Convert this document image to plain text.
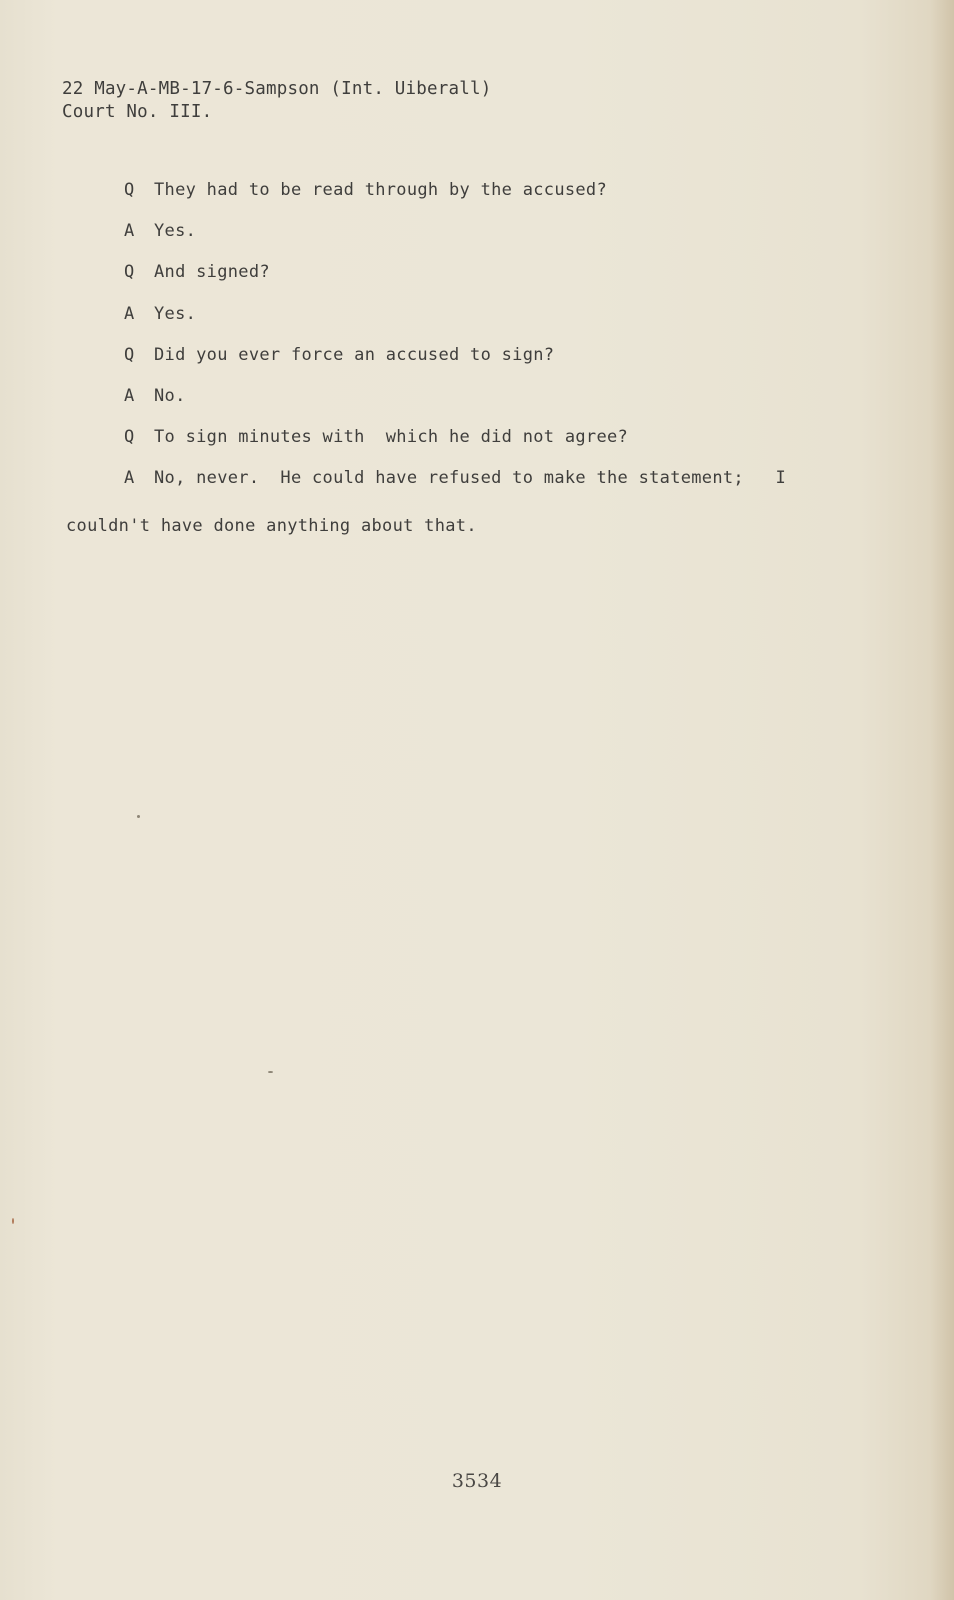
22 May-A-MB-17-6-Sampson (Int. Uiberall)
Court No. III.
Q	They had to be read through by the accused?
A	Yes.
Q	And signed?
A	Yes.
Q	Did you ever force an accused to sign?
A	No.
Q	To sign minutes with  which he did not agree?
A	No, never.  He could have refused to make the statement;   I
couldn't have done anything about that.
3534
